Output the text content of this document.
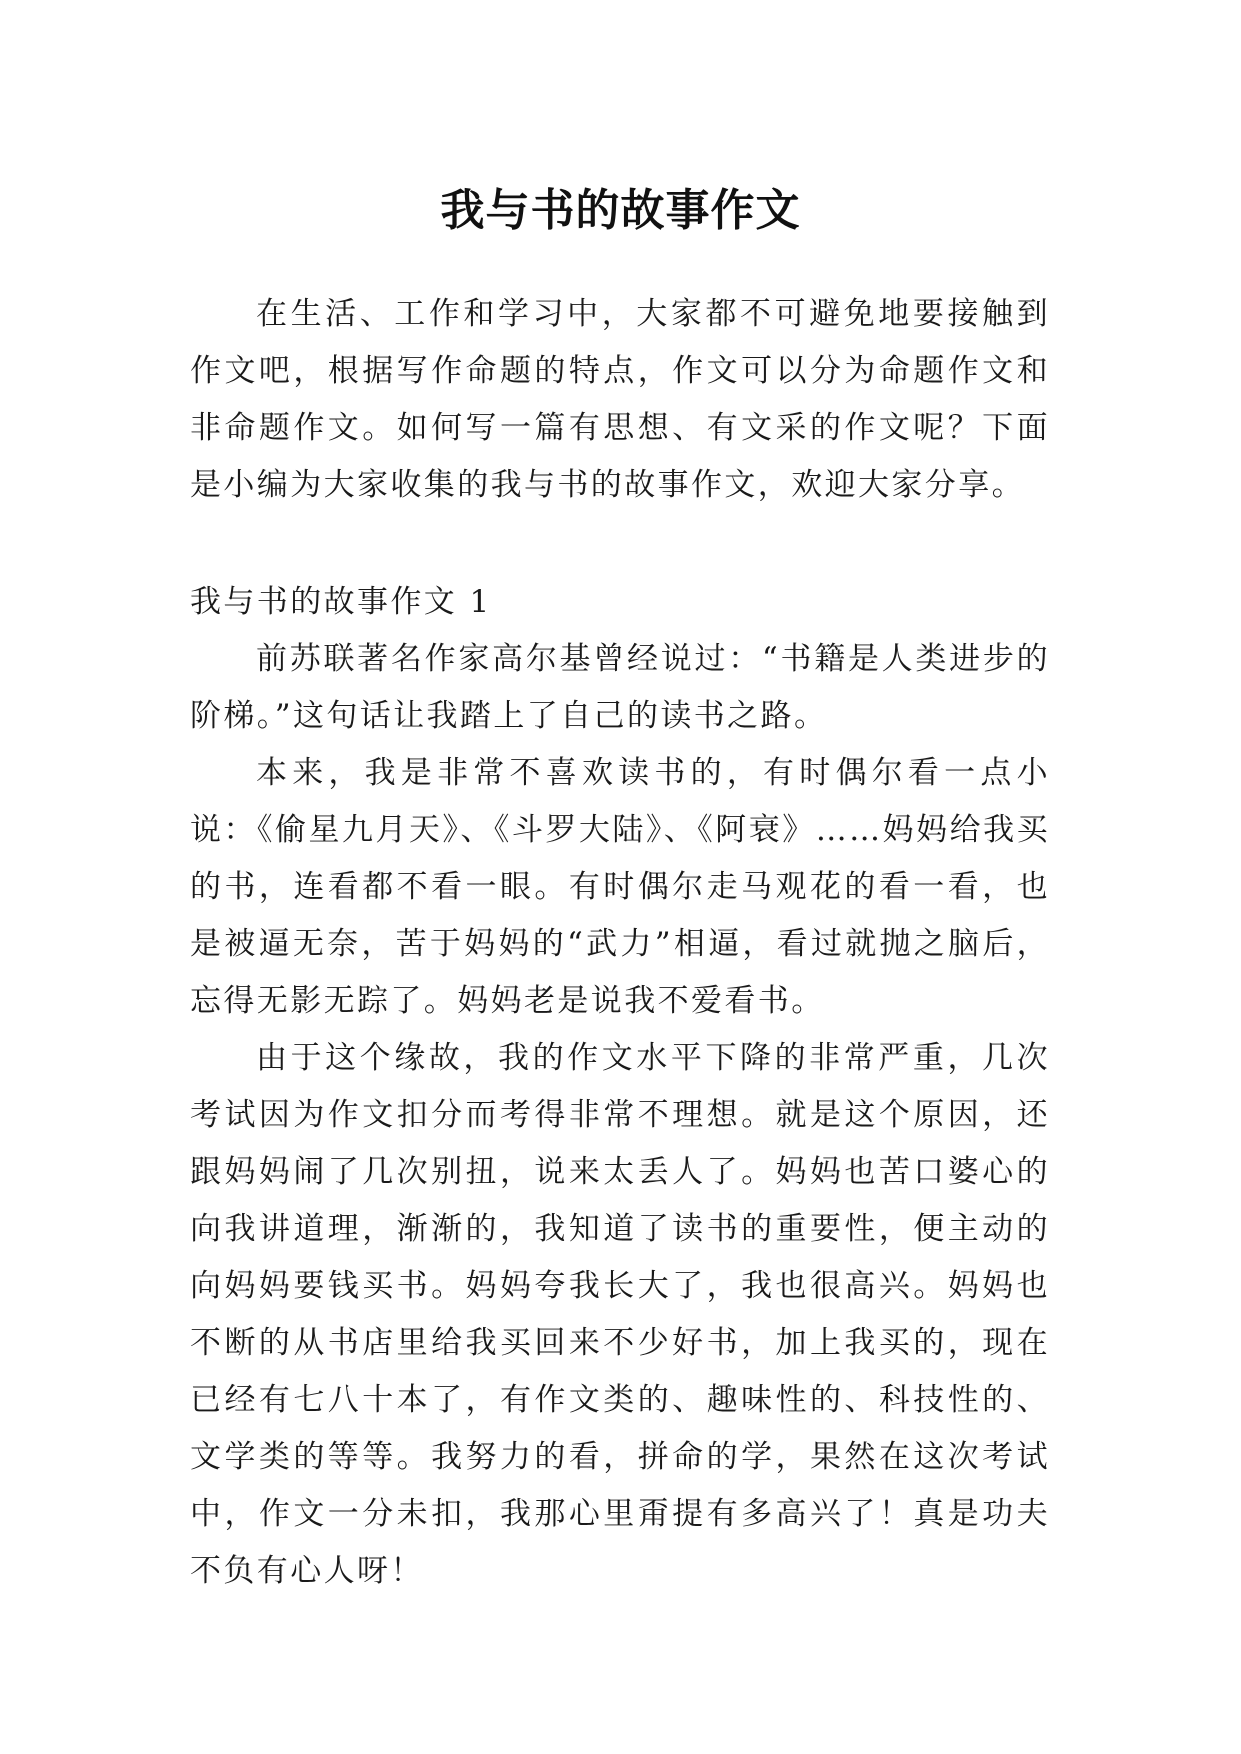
我与书的故事作文

在生活、工作和学习中，大家都不可避免地要接触到作文吧，根据写作命题的特点，作文可以分为命题作文和非命题作文。如何写一篇有思想、有文采的作文呢？下面是小编为大家收集的我与书的故事作文，欢迎大家分享。

我与书的故事作文 1

前苏联著名作家高尔基曾经说过：“书籍是人类进步的阶梯。”这句话让我踏上了自己的读书之路。

本来，我是非常不喜欢读书的，有时偶尔看一点小说：《偷星九月天》、《斗罗大陆》、《阿衰》……妈妈给我买的书，连看都不看一眼。有时偶尔走马观花的看一看，也是被逼无奈，苦于妈妈的“武力”相逼，看过就抛之脑后，忘得无影无踪了。妈妈老是说我不爱看书。

由于这个缘故，我的作文水平下降的非常严重，几次考试因为作文扣分而考得非常不理想。就是这个原因，还跟妈妈闹了几次别扭，说来太丢人了。妈妈也苦口婆心的向我讲道理，渐渐的，我知道了读书的重要性，便主动的向妈妈要钱买书。妈妈夸我长大了，我也很高兴。妈妈也不断的从书店里给我买回来不少好书，加上我买的，现在已经有七八十本了，有作文类的、趣味性的、科技性的、文学类的等等。我努力的看，拼命的学，果然在这次考试中，作文一分未扣，我那心里甭提有多高兴了！真是功夫不负有心人呀！
